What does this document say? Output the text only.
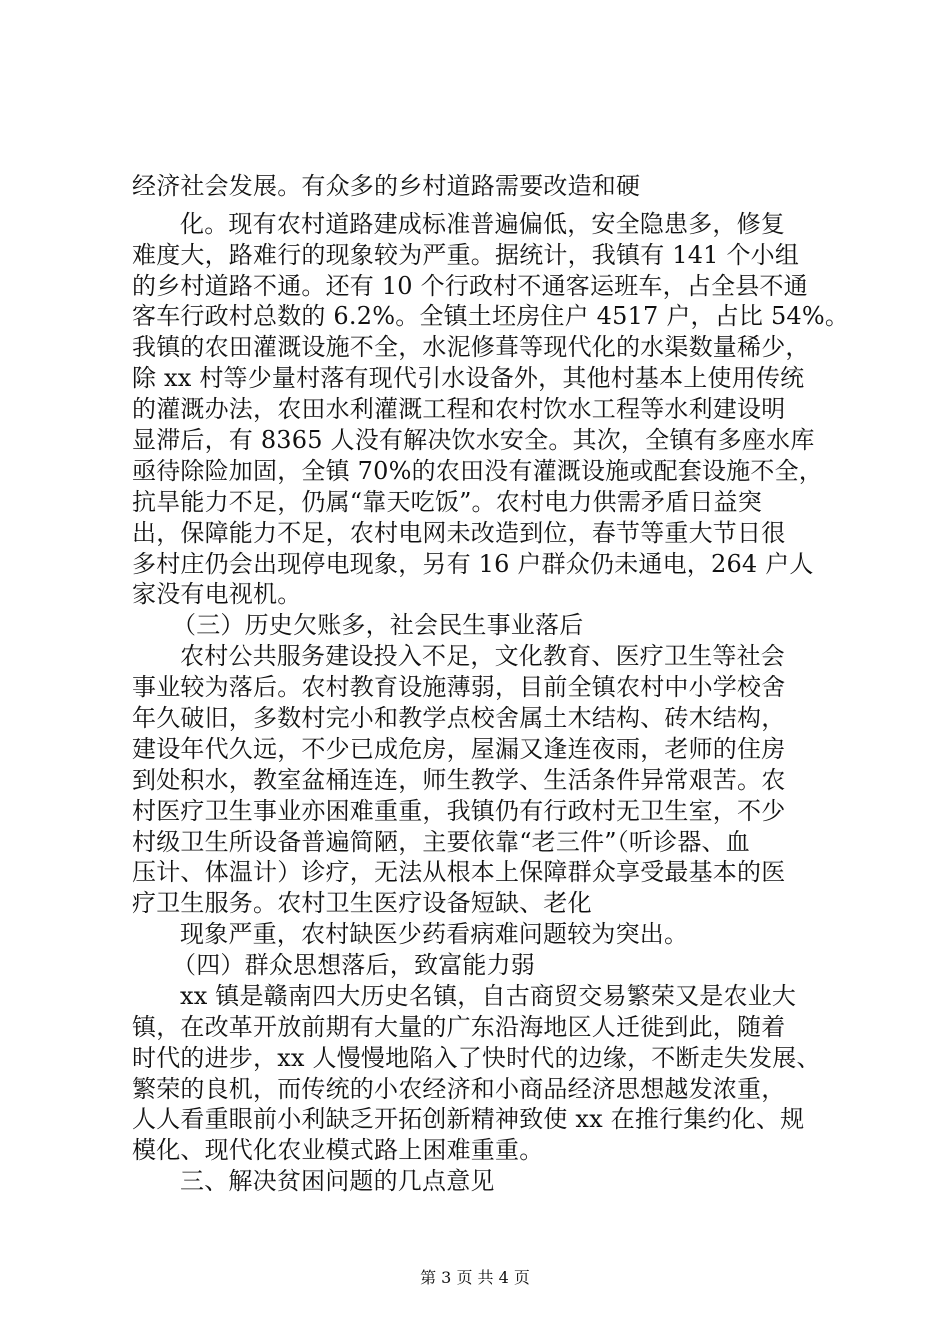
经济社会发展。有众多的乡村道路需要改造和硬
化。现有农村道路建成标准普遍偏低，安全隐患多，修复
难度大，路难行的现象较为严重。据统计，我镇有 141 个小组
的乡村道路不通。还有 10 个行政村不通客运班车，占全县不通
客车行政村总数的 6.2%。全镇土坯房住户 4517 户，占比 54%。
我镇的农田灌溉设施不全，水泥修葺等现代化的水渠数量稀少，
除 xx 村等少量村落有现代引水设备外，其他村基本上使用传统
的灌溉办法，农田水利灌溉工程和农村饮水工程等水利建设明
显滞后，有 8365 人没有解决饮水安全。其次，全镇有多座水库
亟待除险加固，全镇 70%的农田没有灌溉设施或配套设施不全，
抗旱能力不足，仍属“靠天吃饭”。农村电力供需矛盾日益突
出，保障能力不足，农村电网未改造到位，春节等重大节日很
多村庄仍会出现停电现象，另有 16 户群众仍未通电，264 户人
家没有电视机。
（三）历史欠账多，社会民生事业落后
农村公共服务建设投入不足，文化教育、医疗卫生等社会
事业较为落后。农村教育设施薄弱，目前全镇农村中小学校舍
年久破旧，多数村完小和教学点校舍属土木结构、砖木结构，
建设年代久远，不少已成危房，屋漏又逢连夜雨，老师的住房
到处积水，教室盆桶连连，师生教学、生活条件异常艰苦。农
村医疗卫生事业亦困难重重，我镇仍有行政村无卫生室，不少
村级卫生所设备普遍简陋，主要依靠“老三件”（听诊器、血
压计、体温计）诊疗，无法从根本上保障群众享受最基本的医
疗卫生服务。农村卫生医疗设备短缺、老化
现象严重，农村缺医少药看病难问题较为突出。
（四）群众思想落后，致富能力弱
xx 镇是赣南四大历史名镇，自古商贸交易繁荣又是农业大
镇，在改革开放前期有大量的广东沿海地区人迁徙到此，随着
时代的进步，xx 人慢慢地陷入了快时代的边缘，不断走失发展、
繁荣的良机，而传统的小农经济和小商品经济思想越发浓重，
人人看重眼前小利缺乏开拓创新精神致使 xx 在推行集约化、规
模化、现代化农业模式路上困难重重。
三、解决贫困问题的几点意见
第 3 页 共 4 页
